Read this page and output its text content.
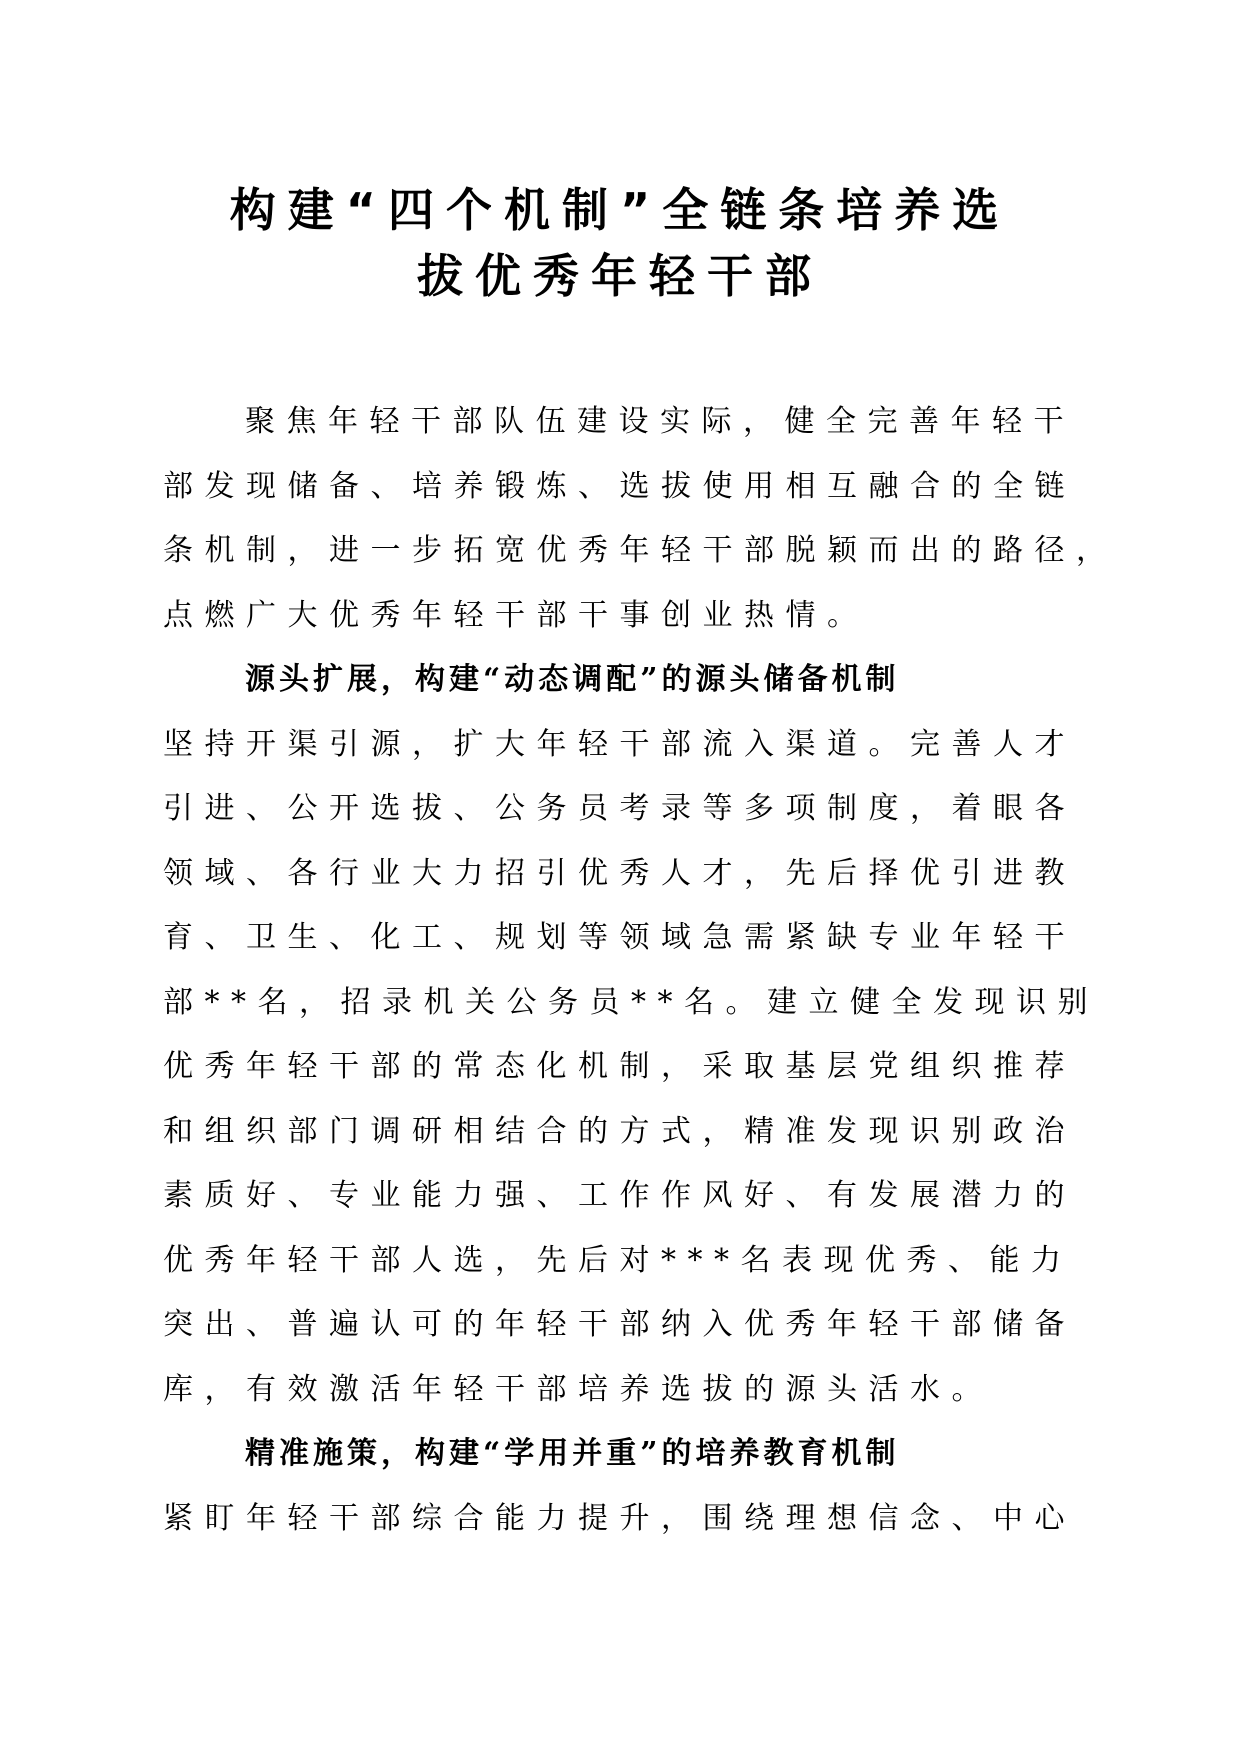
构建“四个机制”全链条培养选
拔优秀年轻干部
聚焦年轻干部队伍建设实际，健全完善年轻干
部发现储备、培养锻炼、选拔使用相互融合的全链
条机制，进一步拓宽优秀年轻干部脱颖而出的路径，
点燃广大优秀年轻干部干事创业热情。
源头扩展，构建“动态调配”的源头储备机制
坚持开渠引源，扩大年轻干部流入渠道。完善人才
引进、公开选拔、公务员考录等多项制度，着眼各
领域、各行业大力招引优秀人才，先后择优引进教
育、卫生、化工、规划等领域急需紧缺专业年轻干
部**名，招录机关公务员**名。建立健全发现识别
优秀年轻干部的常态化机制，采取基层党组织推荐
和组织部门调研相结合的方式，精准发现识别政治
素质好、专业能力强、工作作风好、有发展潜力的
优秀年轻干部人选，先后对***名表现优秀、能力
突出、普遍认可的年轻干部纳入优秀年轻干部储备
库，有效激活年轻干部培养选拔的源头活水。
精准施策，构建“学用并重”的培养教育机制
紧盯年轻干部综合能力提升，围绕理想信念、中心
